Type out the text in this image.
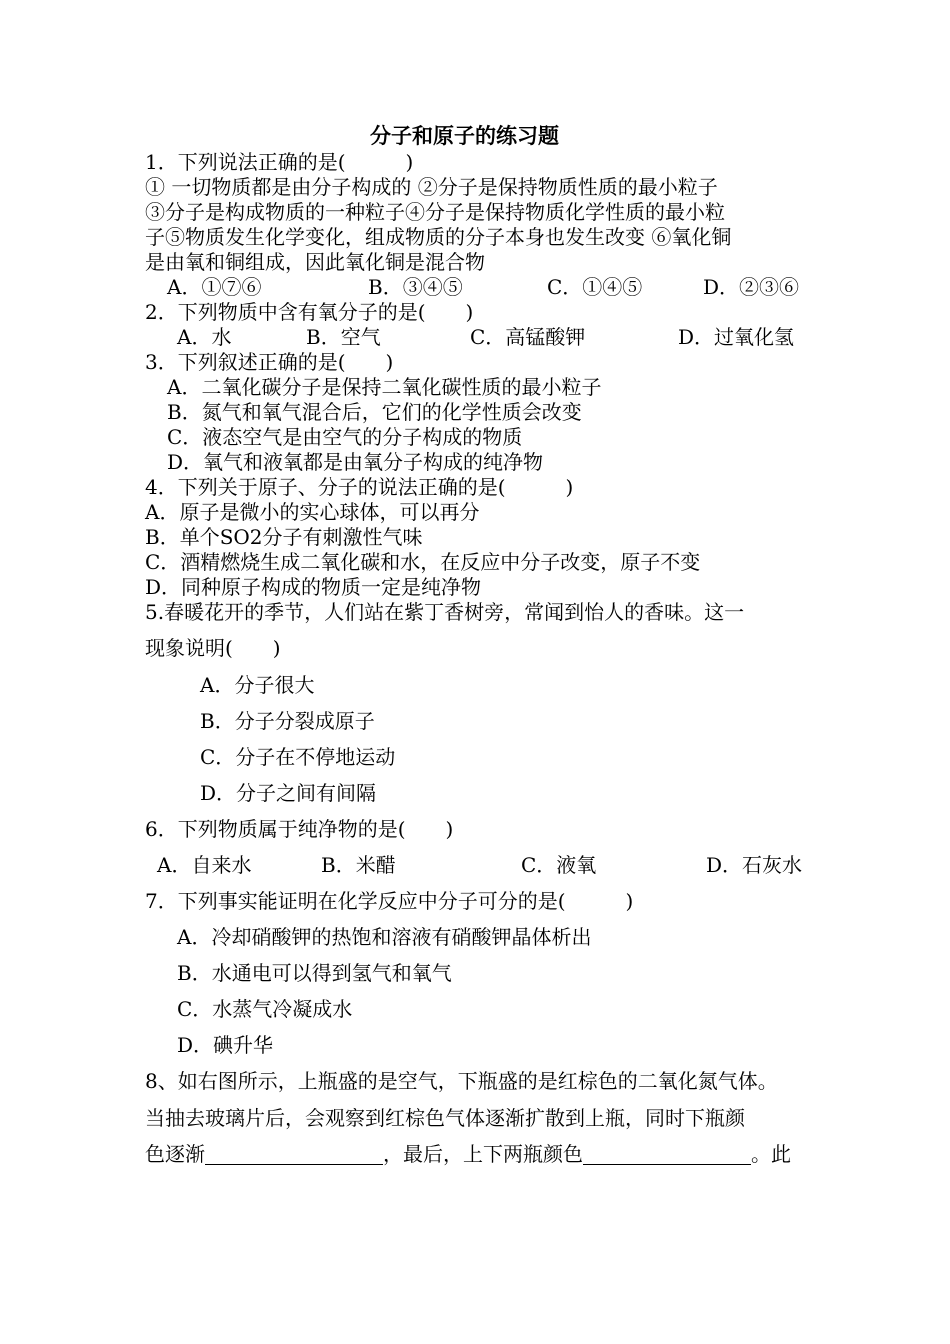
分子和原子的练习题
1．下列说法正确的是(　　　)
① 一切物质都是由分子构成的 ②分子是保持物质性质的最小粒子
③分子是构成物质的一种粒子④分子是保持物质化学性质的最小粒
子⑤物质发生化学变化，组成物质的分子本身也发生改变 ⑥氧化铜
是由氧和铜组成，因此氧化铜是混合物
A．①⑦⑥	B．③④⑤	C．①④⑤	D．②③⑥
2．下列物质中含有氧分子的是(　　)
A．水	B．空气	C．高锰酸钾	D．过氧化氢
3．下列叙述正确的是(　　)
A．二氧化碳分子是保持二氧化碳性质的最小粒子
B．氮气和氧气混合后，它们的化学性质会改变
C．液态空气是由空气的分子构成的物质
D．氧气和液氧都是由氧分子构成的纯净物
4．下列关于原子、分子的说法正确的是(　　　)
A．原子是微小的实心球体，可以再分
B．单个SO2分子有刺激性气味
C．酒精燃烧生成二氧化碳和水，在反应中分子改变，原子不变
D．同种原子构成的物质一定是纯净物
5.春暖花开的季节，人们站在紫丁香树旁，常闻到怡人的香味。这一
现象说明(　　)
A．分子很大
B．分子分裂成原子
C．分子在不停地运动
D．分子之间有间隔
6．下列物质属于纯净物的是(　　)
A．自来水	B．米醋	C．液氧	D．石灰水
7．下列事实能证明在化学反应中分子可分的是(　　　)
A．冷却硝酸钾的热饱和溶液有硝酸钾晶体析出
B．水通电可以得到氢气和氧气
C．水蒸气冷凝成水
D．碘升华
8、如右图所示，上瓶盛的是空气，下瓶盛的是红棕色的二氧化氮气体。
当抽去玻璃片后，会观察到红棕色气体逐渐扩散到上瓶，同时下瓶颜
色逐渐	，最后，上下两瓶颜色	。此
